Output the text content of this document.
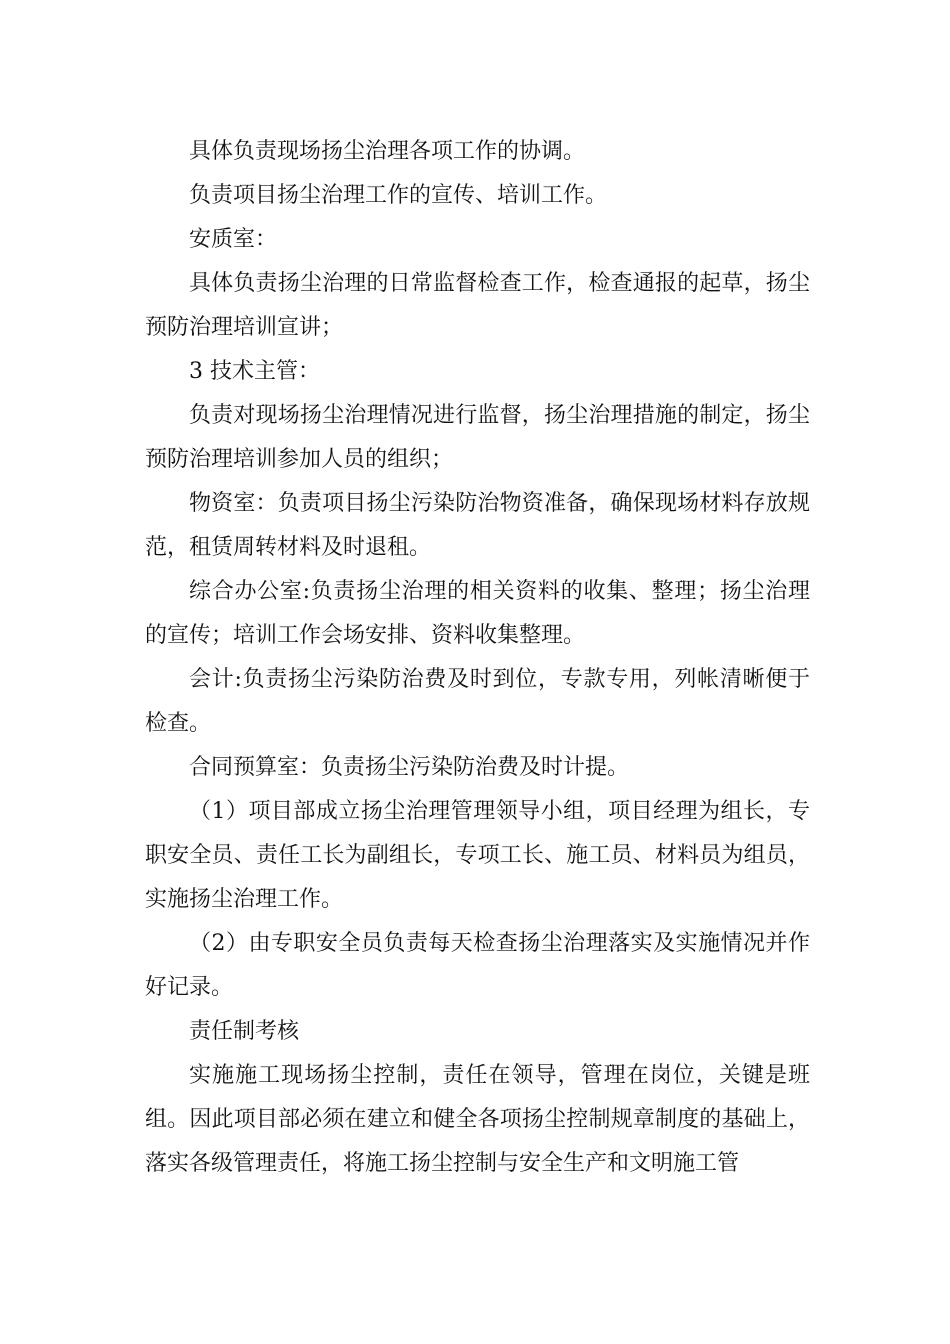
具体负责现场扬尘治理各项工作的协调。

负责项目扬尘治理工作的宣传、培训工作。

安质室：

具体负责扬尘治理的日常监督检查工作，检查通报的起草，扬尘预防治理培训宣讲；

3 技术主管：

负责对现场扬尘治理情况进行监督，扬尘治理措施的制定，扬尘预防治理培训参加人员的组织；

物资室：负责项目扬尘污染防治物资准备，确保现场材料存放规范，租赁周转材料及时退租。

综合办公室:负责扬尘治理的相关资料的收集、整理；扬尘治理的宣传；培训工作会场安排、资料收集整理。

会计:负责扬尘污染防治费及时到位，专款专用，列帐清晰便于检查。

合同预算室：负责扬尘污染防治费及时计提。

（1）项目部成立扬尘治理管理领导小组，项目经理为组长，专职安全员、责任工长为副组长，专项工长、施工员、材料员为组员，实施扬尘治理工作。

（2）由专职安全员负责每天检查扬尘治理落实及实施情况并作好记录。

责任制考核

实施施工现场扬尘控制，责任在领导，管理在岗位，关键是班组。因此项目部必须在建立和健全各项扬尘控制规章制度的基础上，落实各级管理责任，将施工扬尘控制与安全生产和文明施工管
